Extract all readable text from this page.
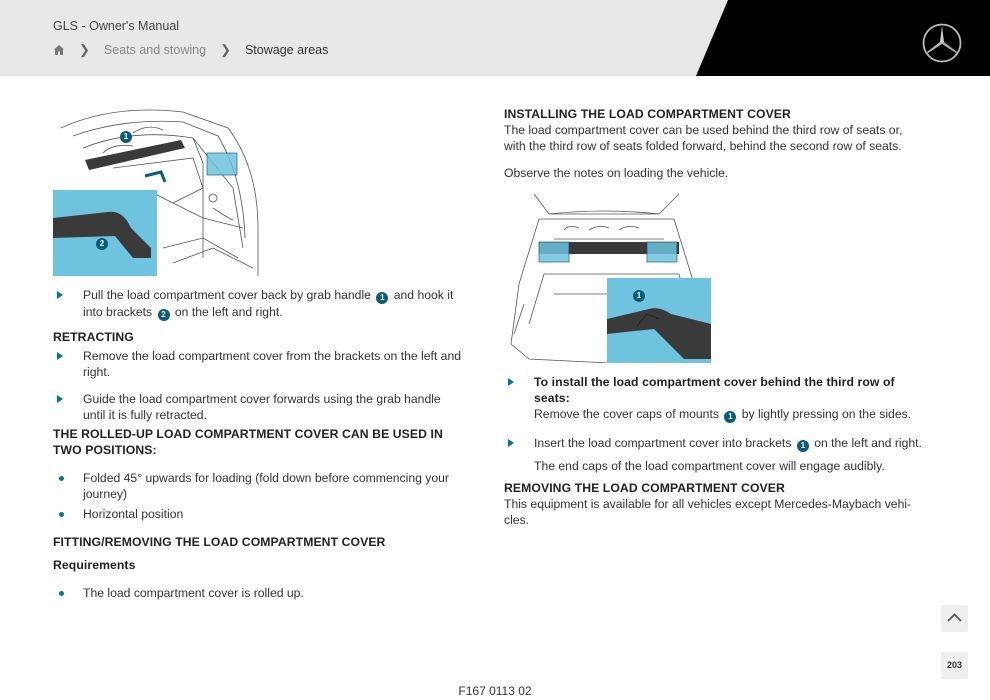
GLS - Owner's Manual
❯ Seats and stowing ❯ Stowage areas
1
2
Pull the load compartment cover back by grab handle 1 and hook it into brackets 2 on the left and right.
RETRACTING
Remove the load compartment cover from the brackets on the left and right.
Guide the load compartment cover forwards using the grab handle until it is fully retracted.
THE ROLLED-UP LOAD COMPARTMENT COVER CAN BE USED IN TWO POSITIONS:
Folded 45° upwards for loading (fold down before commencing your journey)
Horizontal position
FITTING/REMOVING THE LOAD COMPARTMENT COVER
Requirements
The load compartment cover is rolled up.
INSTALLING THE LOAD COMPARTMENT COVER
The load compartment cover can be used behind the third row of seats or, with the third row of seats folded forward, behind the second row of seats.
Observe the notes on loading the vehicle.
1
To install the load compartment cover behind the third row of seats:
Remove the cover caps of mounts 1 by lightly pressing on the sides.
Insert the load compartment cover into brackets 1 on the left and right.
The end caps of the load compartment cover will engage audibly.
REMOVING THE LOAD COMPARTMENT COVER
This equipment is available for all vehicles except Mercedes-Maybach vehi-cles.
203
F167 0113 02
